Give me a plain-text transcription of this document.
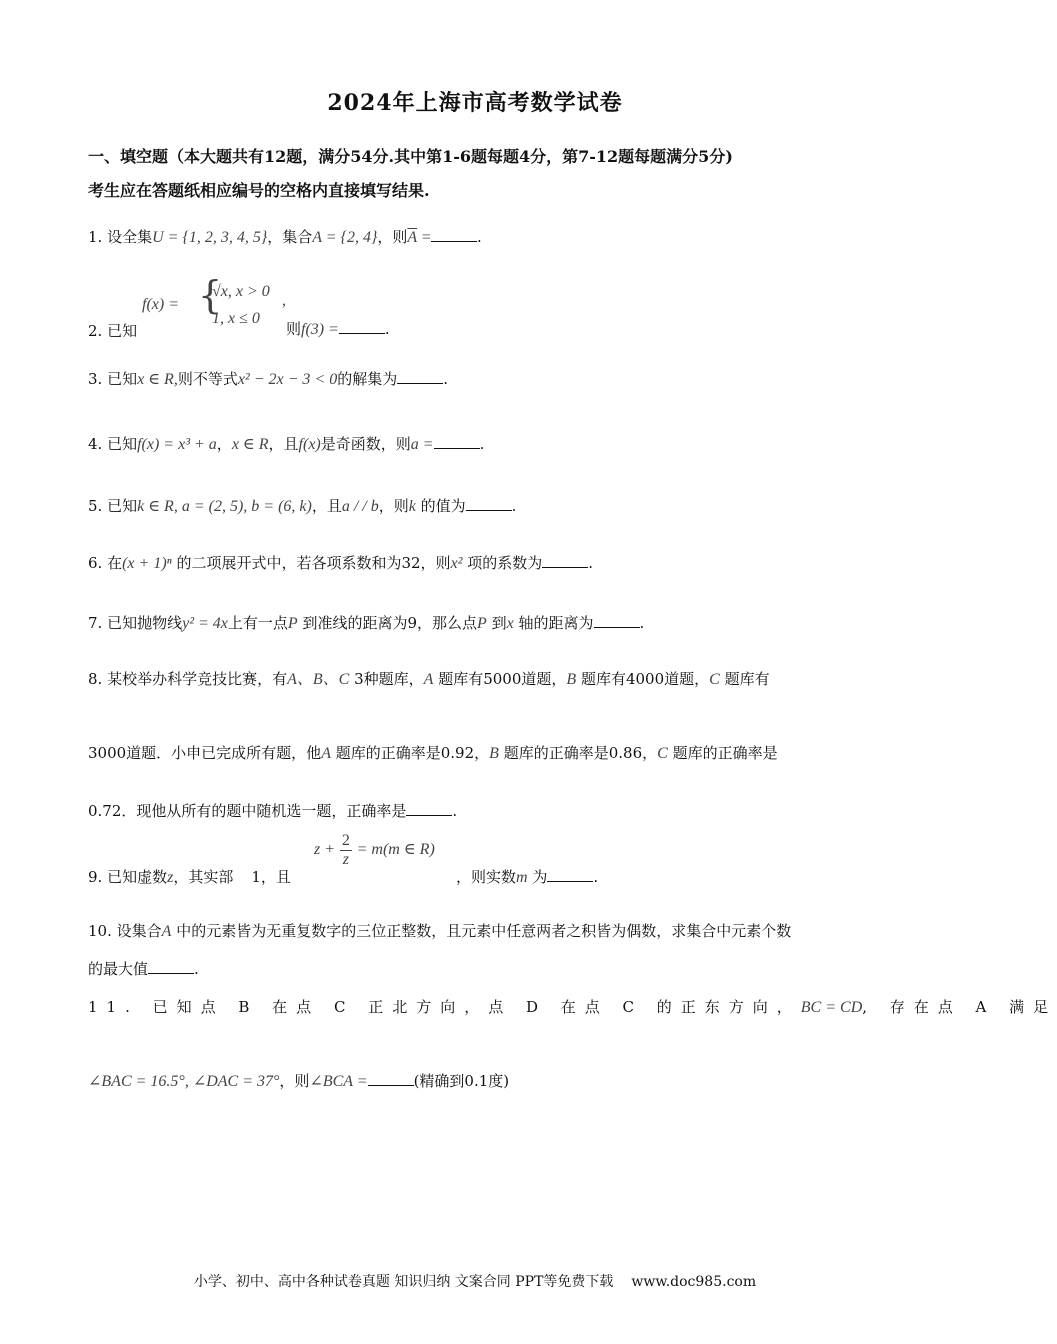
2024年上海市高考数学试卷
一、填空题（本大题共有12题，满分54分.其中第1-6题每题4分，第7-12题每题满分5分)
考生应在答题纸相应编号的空格内直接填写结果.
1. 设全集U = {1, 2, 3, 4, 5}，集合A = {2, 4}，则$\overline{A}$ =	.
f(x) = {
√x, x > 0
,
1, x ≤ 0
2. 已知	则f(3) =	.
3. 已知x ∈ R,则不等式x² − 2x − 3 < 0的解集为	.
4. 已知f(x) = x³ + a，x ∈ R，且f(x)是奇函数，则a =	.
5. 已知k ∈ R, a = (2, 5), b = (6, k)，且a / / b，则k 的值为	.
6. 在(x + 1)ⁿ 的二项展开式中，若各项系数和为32，则x² 项的系数为	.
7. 已知抛物线y² = 4x上有一点P 到准线的距离为9，那么点P 到x 轴的距离为	.
8. 某校举办科学竞技比赛，有A、B、C 3种题库，A 题库有5000道题，B 题库有4000道题，C 题库有
3000道题．小申已完成所有题，他A 题库的正确率是0.92，B 题库的正确率是0.86，C 题库的正确率是
0.72．现他从所有的题中随机选一题，正确率是	.
$z + \frac{2}{z} = m(m$ ∈ R)
9. 已知虚数z，其实部 1，且	，则实数m 为	.
10. 设集合A 中的元素皆为无重复数字的三位正整数，且元素中任意两者之积皆为偶数，求集合中元素个数
的最大值	.
11. 已知点 B 在点 C 正北方向，点 D 在点 C 的正东方向，BC = CD, 存在点 A 满足
∠BAC = 16.5°, ∠DAC = 37°，则∠BCA =	(精确到0.1度)
小学、初中、高中各种试卷真题 知识归纳 文案合同 PPT等免费下载 www.doc985.com
